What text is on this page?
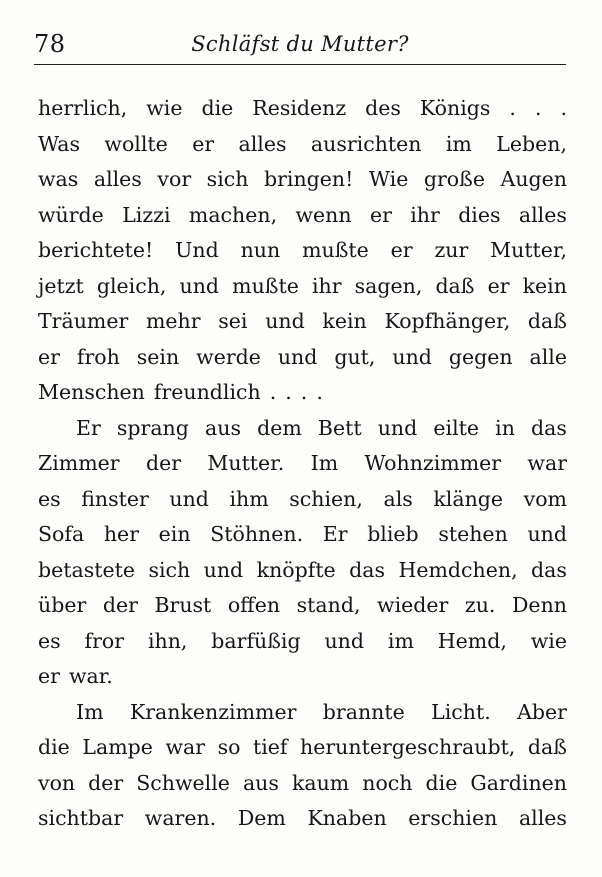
78	Schläfst du Mutter?
herrlich, wie die Residenz des Königs . . .
Was wollte er alles ausrichten im Leben,
was alles vor sich bringen! Wie große Augen
würde Lizzi machen, wenn er ihr dies alles
berichtete! Und nun mußte er zur Mutter,
jetzt gleich, und mußte ihr sagen, daß er kein
Träumer mehr sei und kein Kopfhänger, daß
er froh sein werde und gut, und gegen alle
Menschen freundlich . . . .
Er sprang aus dem Bett und eilte in das
Zimmer der Mutter. Im Wohnzimmer war
es finster und ihm schien, als klänge vom
Sofa her ein Stöhnen. Er blieb stehen und
betastete sich und knöpfte das Hemdchen, das
über der Brust offen stand, wieder zu. Denn
es fror ihn, barfüßig und im Hemd, wie
er war.
Im Krankenzimmer brannte Licht. Aber
die Lampe war so tief heruntergeschraubt, daß
von der Schwelle aus kaum noch die Gardinen
sichtbar waren. Dem Knaben erschien alles
